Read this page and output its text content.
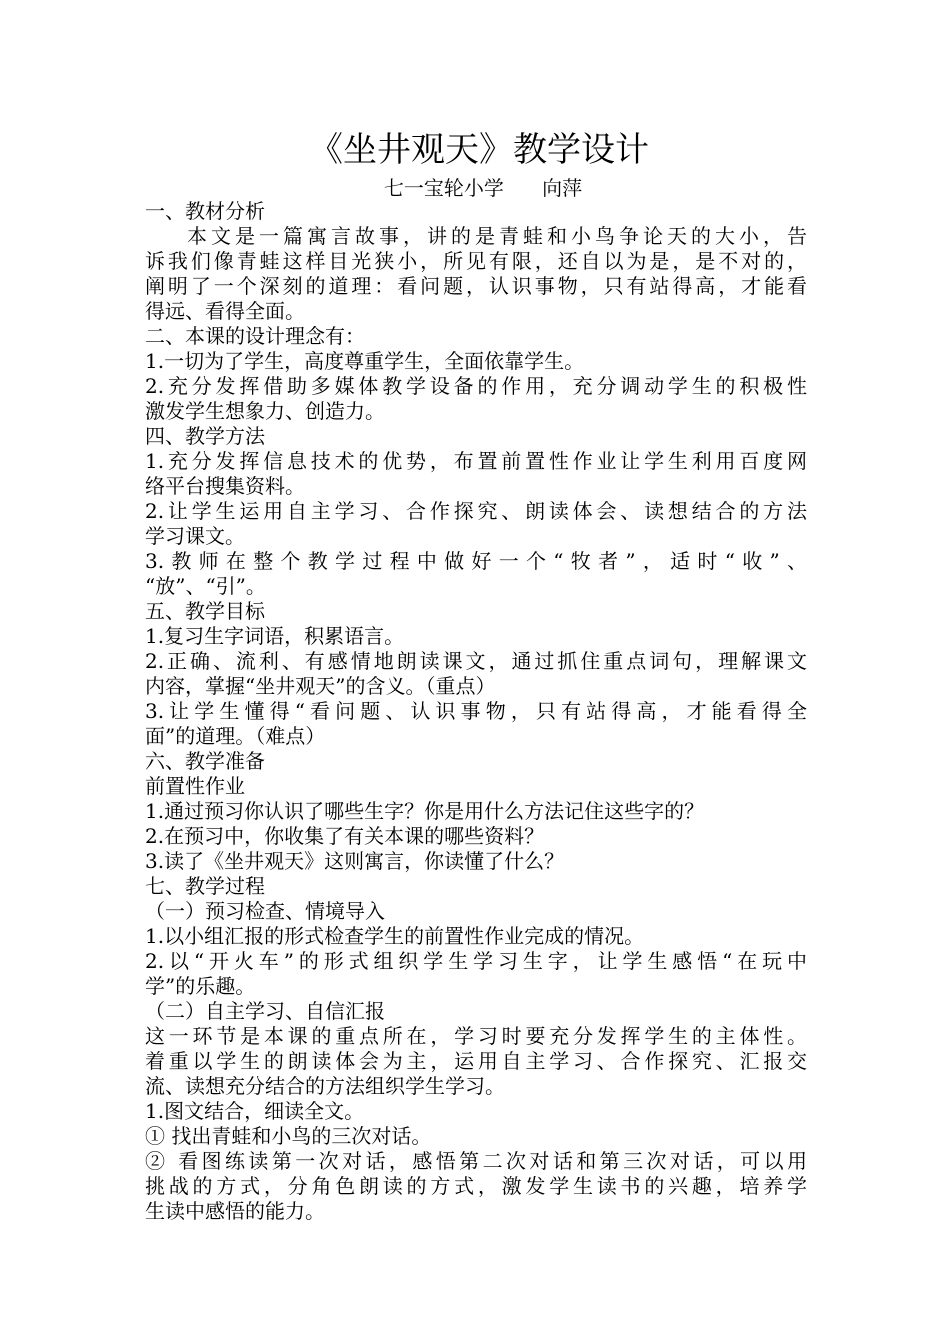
《坐井观天》教学设计
七一宝轮小学      向萍
一、教材分析
本文是一篇寓言故事，讲的是青蛙和小鸟争论天的大小，告
诉我们像青蛙这样目光狭小，所见有限，还自以为是，是不对的，
阐明了一个深刻的道理：看问题，认识事物，只有站得高，才能看
得远、看得全面。
二、本课的设计理念有：
1.一切为了学生，高度尊重学生，全面依靠学生。
2.充分发挥借助多媒体教学设备的作用，充分调动学生的积极性
激发学生想象力、创造力。
四、教学方法
1.充分发挥信息技术的优势，布置前置性作业让学生利用百度网
络平台搜集资料。
2.让学生运用自主学习、合作探究、朗读体会、读想结合的方法
学习课文。
3.教师在整个教学过程中做好一个“牧者”，适时“收”、
“放”、“引”。
五、教学目标
1.复习生字词语，积累语言。
2.正确、流利、有感情地朗读课文，通过抓住重点词句，理解课文
内容，掌握“坐井观天”的含义。（重点）
3.让学生懂得“看问题、认识事物，只有站得高，才能看得全
面”的道理。（难点）
六、教学准备
前置性作业
1.通过预习你认识了哪些生字？你是用什么方法记住这些字的？
2.在预习中，你收集了有关本课的哪些资料？
3.读了《坐井观天》这则寓言，你读懂了什么？
七、教学过程
（一）预习检查、情境导入
1.以小组汇报的形式检查学生的前置性作业完成的情况。
2.以“开火车”的形式组织学生学习生字，让学生感悟“在玩中
学”的乐趣。
（二）自主学习、自信汇报
这一环节是本课的重点所在，学习时要充分发挥学生的主体性。
着重以学生的朗读体会为主，运用自主学习、合作探究、汇报交
流、读想充分结合的方法组织学生学习。
1.图文结合，细读全文。
① 找出青蛙和小鸟的三次对话。
② 看图练读第一次对话，感悟第二次对话和第三次对话，可以用
挑战的方式，分角色朗读的方式，激发学生读书的兴趣，培养学
生读中感悟的能力。
